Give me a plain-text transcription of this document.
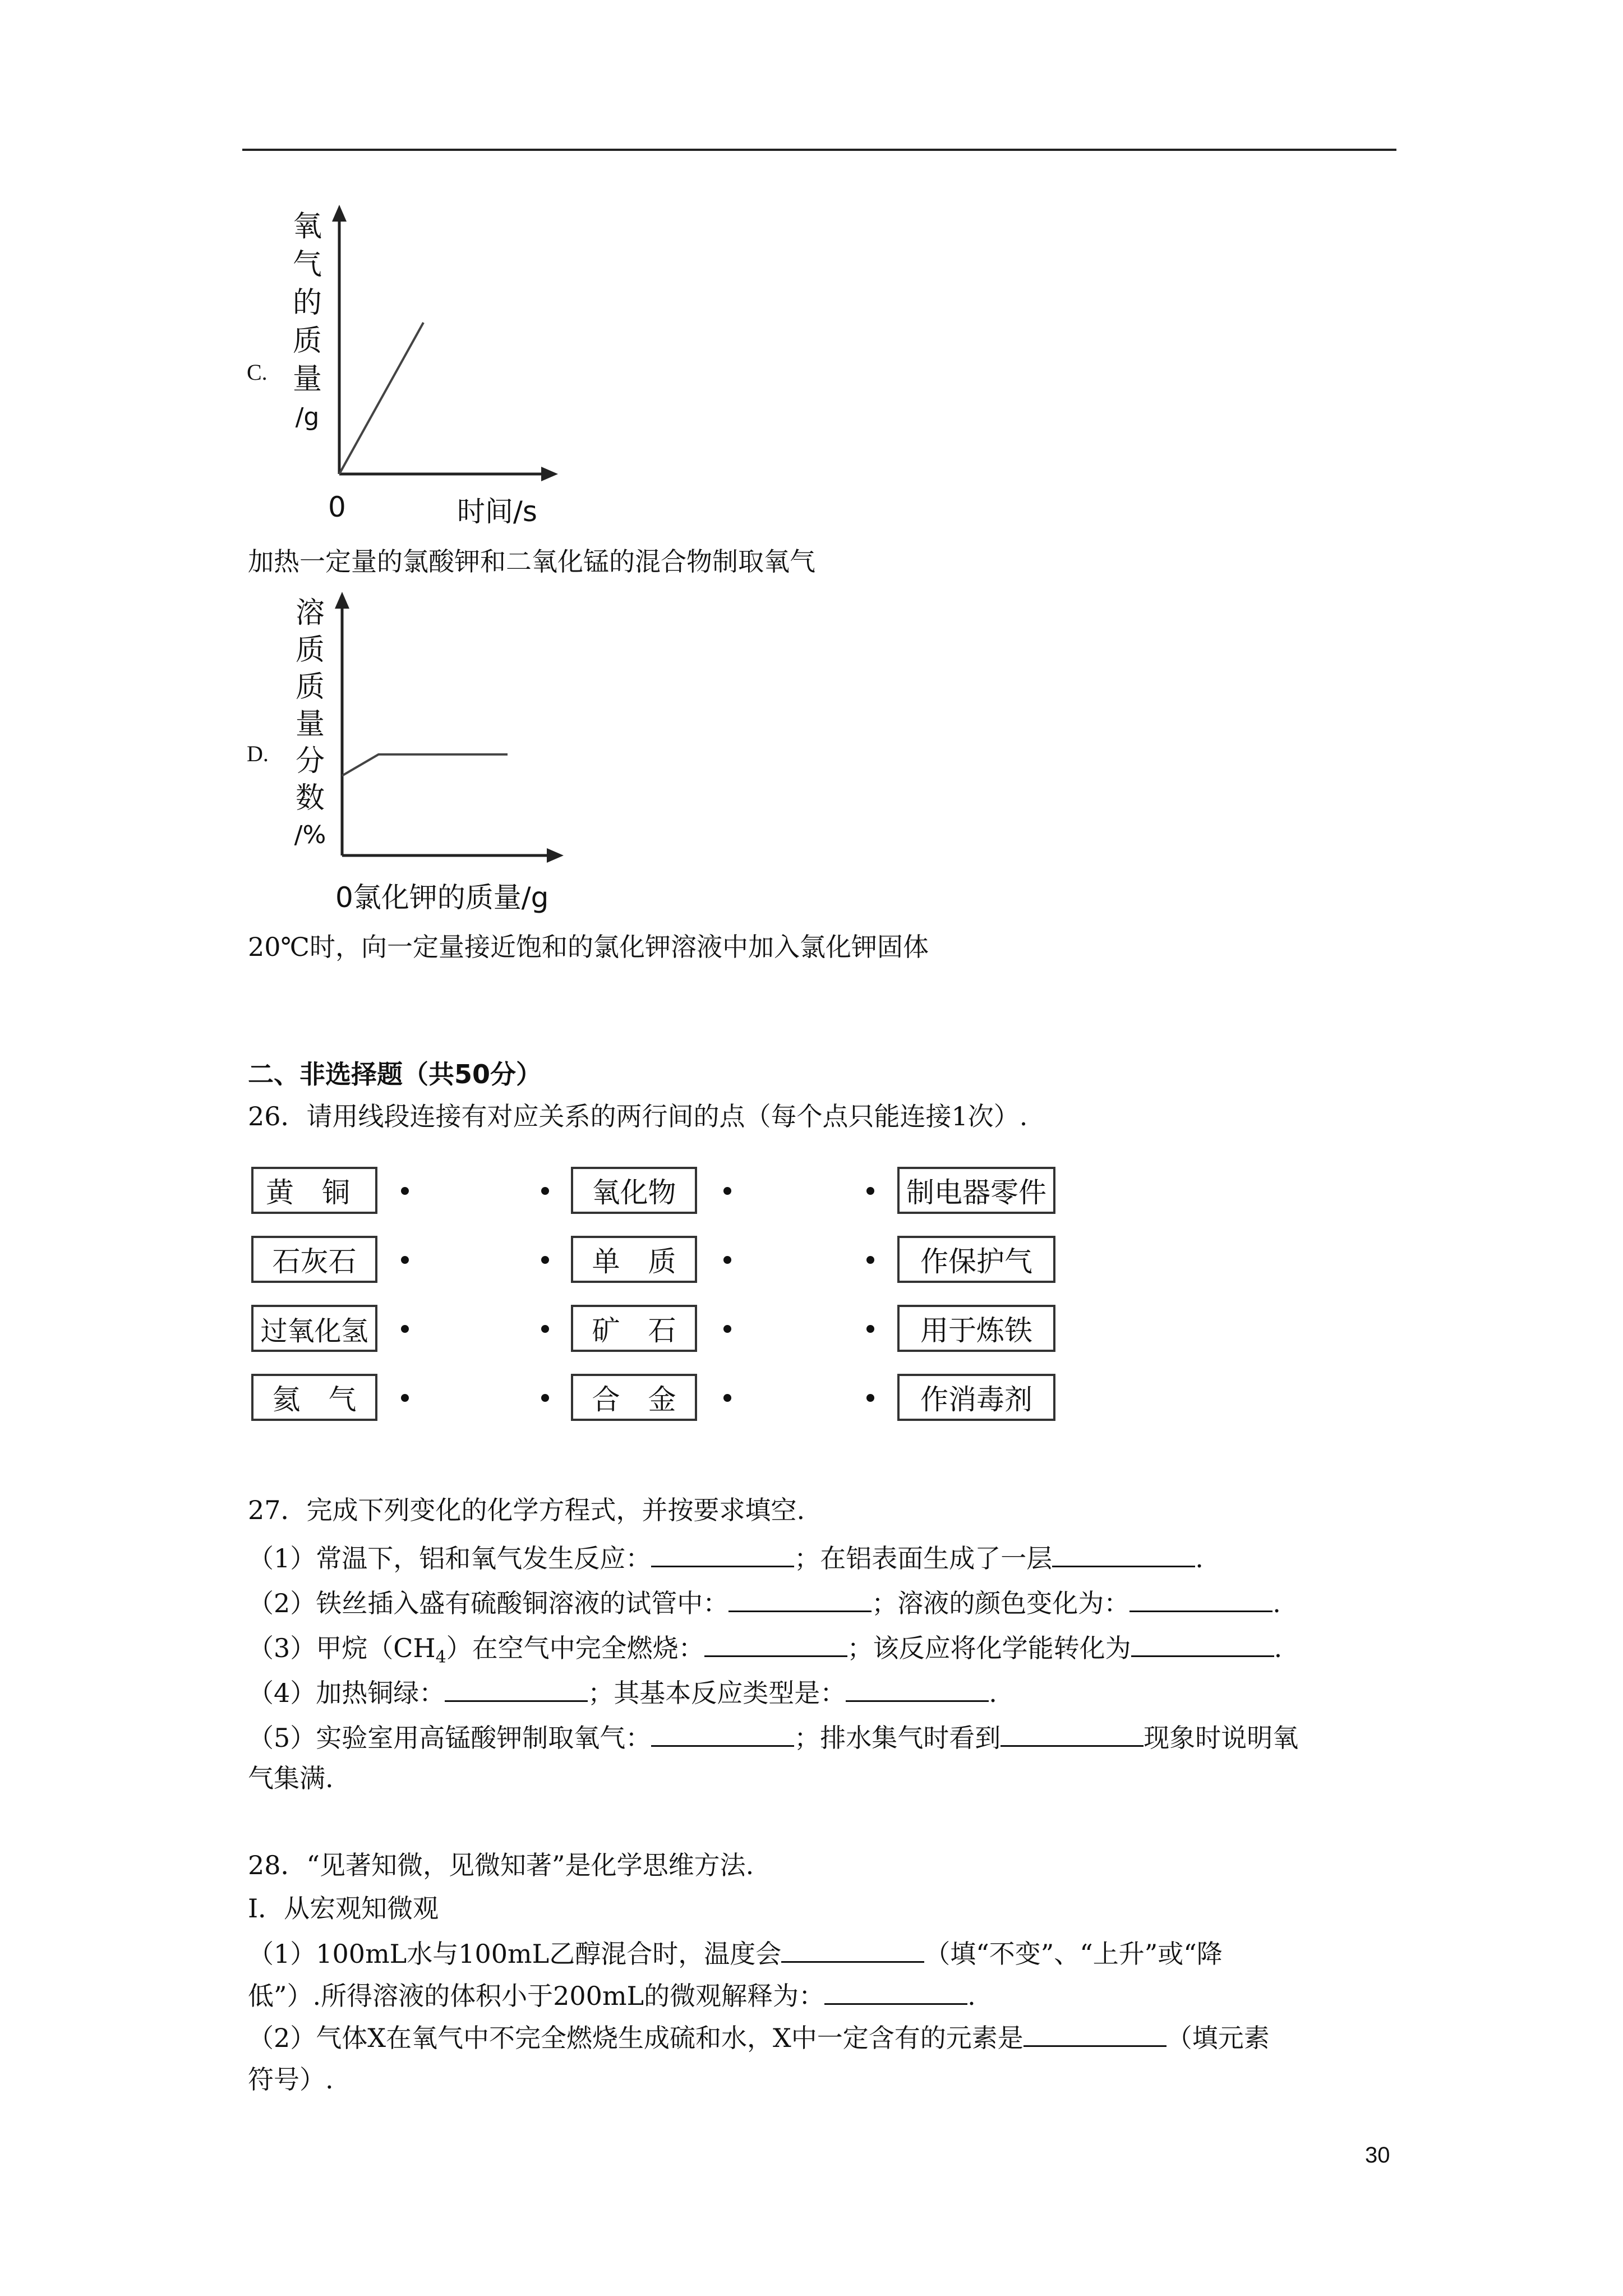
C.
氧
气
的
质
量
/g
0	时间/s
加热一定量的氯酸钾和二氧化锰的混合物制取氧气
D.
溶
质
质
量
分
数
/%
0氯化钾的质量/g
20℃时，向一定量接近饱和的氯化钾溶液中加入氯化钾固体
二、非选择题（共50分）
26．请用线段连接有对应关系的两行间的点（每个点只能连接1次）.
黄　铜
石灰石
过氧化氢
氦　气
氧化物
单　质
矿　石
合　金
制电器零件
作保护气
用于炼铁
作消毒剂
27．完成下列变化的化学方程式，并按要求填空.
（1）常温下，铝和氧气发生反应：	；在铝表面生成了一层	.
（2）铁丝插入盛有硫酸铜溶液的试管中：	；溶液的颜色变化为：	.
（3）甲烷$(CH_4)$在空气中完全燃烧：	；该反应将化学能转化为	.
（4）加热铜绿：	；其基本反应类型是：	.
（5）实验室用高锰酸钾制取氧气：	；排水集气时看到	现象时说明氧
气集满.
28．“见著知微，见微知著”是化学思维方法.
Ⅰ．从宏观知微观
（1）100mL水与100mL乙醇混合时，温度会	（填“不变”、“上升”或“降
低”）.所得溶液的体积小于200mL的微观解释为：	.
（2）气体X在氧气中不完全燃烧生成硫和水，X中一定含有的元素是	（填元素
符号）.
30
